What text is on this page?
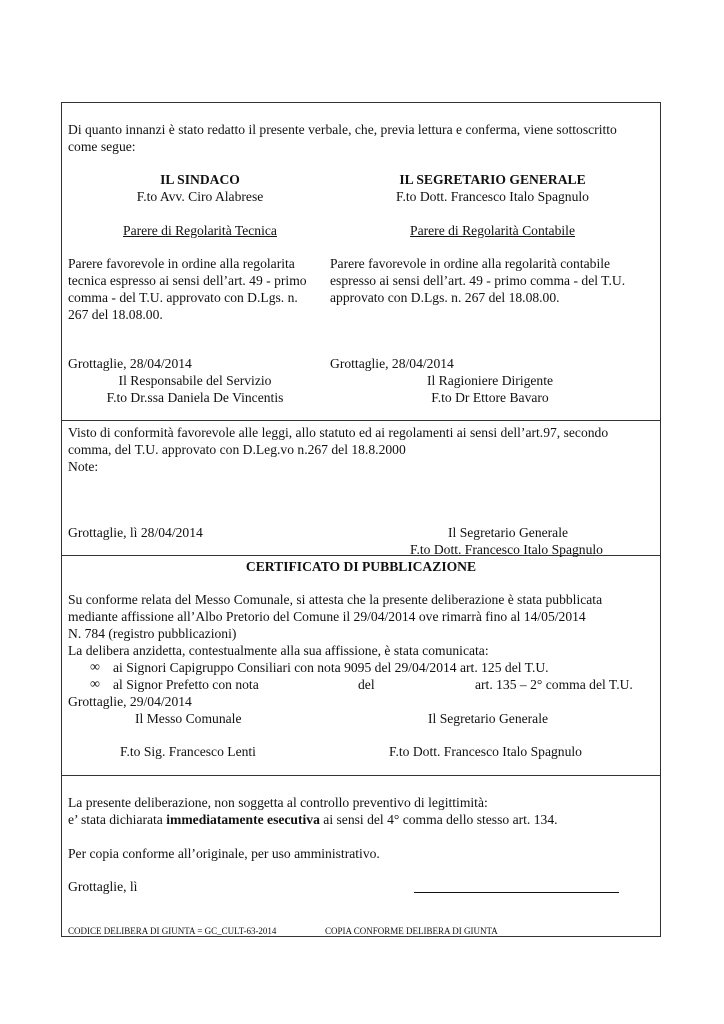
Di quanto innanzi è stato redatto il presente verbale, che, previa lettura e conferma, viene sottoscritto
come segue:
IL SINDACO
F.to Avv. Ciro Alabrese
IL SEGRETARIO GENERALE
F.to Dott. Francesco Italo Spagnulo
Parere di Regolarità Tecnica
Parere favorevole in ordine alla regolarita
tecnica espresso ai sensi dell’art. 49 - primo
comma - del T.U. approvato con D.Lgs. n.
267 del 18.08.00.
Grottaglie, 28/04/2014
Il Responsabile del Servizio
F.to Dr.ssa Daniela De Vincentis
Parere di Regolarità Contabile
Parere favorevole in ordine alla regolarità contabile
espresso ai sensi dell’art. 49 - primo comma - del T.U.
approvato con D.Lgs. n. 267 del 18.08.00.
Grottaglie, 28/04/2014
Il Ragioniere Dirigente
F.to Dr Ettore Bavaro
Visto di conformità favorevole alle leggi, allo statuto ed ai regolamenti ai sensi dell’art.97, secondo
comma, del T.U. approvato con D.Leg.vo n.267 del 18.8.2000
Note:
Grottaglie, lì 28/04/2014	Il Segretario Generale
F.to Dott. Francesco Italo Spagnulo
CERTIFICATO DI PUBBLICAZIONE
Su conforme relata del Messo Comunale, si attesta che la presente deliberazione è stata pubblicata
mediante affissione all’Albo Pretorio del Comune il 29/04/2014 ove rimarrà fino al 14/05/2014
N. 784 (registro pubblicazioni)
La delibera anzidetta, contestualmente alla sua affissione, è stata comunicata:
∞ ai Signori Capigruppo Consiliari con nota 9095 del 29/04/2014 art. 125 del T.U.
∞ al Signor Prefetto con nota	del	art. 135 – 2° comma del T.U.
Grottaglie, 29/04/2014
Il Messo Comunale	Il Segretario Generale
F.to Sig. Francesco Lenti	F.to Dott. Francesco Italo Spagnulo
La presente deliberazione, non soggetta al controllo preventivo di legittimità:
e’ stata dichiarata immediatamente esecutiva ai sensi del 4° comma dello stesso art. 134.
Per copia conforme all’originale, per uso amministrativo.
Grottaglie, lì
CODICE DELIBERA DI GIUNTA = GC_CULT-63-2014	COPIA CONFORME DELIBERA DI GIUNTA
